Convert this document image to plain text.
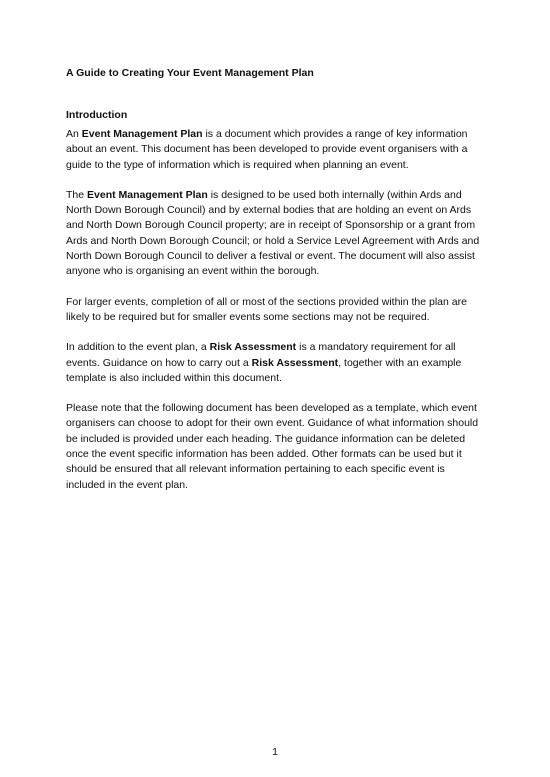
A Guide to Creating Your Event Management Plan
Introduction

An Event Management Plan is a document which provides a range of key information about an event. This document has been developed to provide event organisers with a guide to the type of information which is required when planning an event.

The Event Management Plan is designed to be used both internally (within Ards and North Down Borough Council) and by external bodies that are holding an event on Ards and North Down Borough Council property; are in receipt of Sponsorship or a grant from Ards and North Down Borough Council; or hold a Service Level Agreement with Ards and North Down Borough Council to deliver a festival or event. The document will also assist anyone who is organising an event within the borough.

For larger events, completion of all or most of the sections provided within the plan are likely to be required but for smaller events some sections may not be required.

In addition to the event plan, a Risk Assessment is a mandatory requirement for all events. Guidance on how to carry out a Risk Assessment, together with an example template is also included within this document.

Please note that the following document has been developed as a template, which event organisers can choose to adopt for their own event. Guidance of what information should be included is provided under each heading. The guidance information can be deleted once the event specific information has been added. Other formats can be used but it should be ensured that all relevant information pertaining to each specific event is included in the event plan.

1
